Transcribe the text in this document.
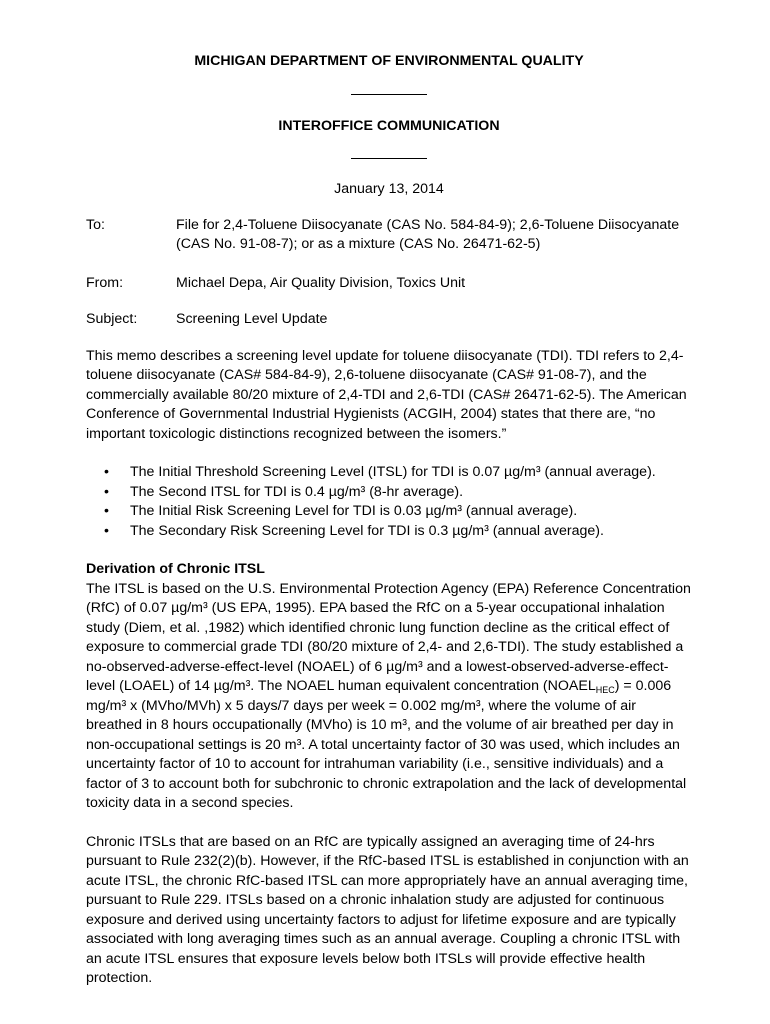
MICHIGAN DEPARTMENT OF ENVIRONMENTAL QUALITY
INTEROFFICE COMMUNICATION
January 13, 2014
To:	File for 2,4-Toluene Diisocyanate (CAS No. 584-84-9); 2,6-Toluene Diisocyanate (CAS No. 91-08-7); or as a mixture (CAS No. 26471-62-5)
From:	Michael Depa, Air Quality Division, Toxics Unit
Subject:	Screening Level Update

This memo describes a screening level update for toluene diisocyanate (TDI). TDI refers to 2,4-toluene diisocyanate (CAS# 584-84-9), 2,6-toluene diisocyanate (CAS# 91-08-7), and the commercially available 80/20 mixture of 2,4-TDI and 2,6-TDI (CAS# 26471-62-5). The American Conference of Governmental Industrial Hygienists (ACGIH, 2004) states that there are, “no important toxicologic distinctions recognized between the isomers.”

• The Initial Threshold Screening Level (ITSL) for TDI is 0.07 µg/m³ (annual average).
• The Second ITSL for TDI is 0.4 µg/m³ (8-hr average).
• The Initial Risk Screening Level for TDI is 0.03 µg/m³ (annual average).
• The Secondary Risk Screening Level for TDI is 0.3 µg/m³ (annual average).
Derivation of Chronic ITSL

The ITSL is based on the U.S. Environmental Protection Agency (EPA) Reference Concentration (RfC) of 0.07 µg/m³ (US EPA, 1995). EPA based the RfC on a 5-year occupational inhalation study (Diem, et al. ,1982) which identified chronic lung function decline as the critical effect of exposure to commercial grade TDI (80/20 mixture of 2,4- and 2,6-TDI). The study established a no-observed-adverse-effect-level (NOAEL) of 6 µg/m³ and a lowest-observed-adverse-effect-level (LOAEL) of 14 µg/m³. The NOAEL human equivalent concentration $(NOAEL_{HEC}) = 0.006$ mg/m³ x (MVho/MVh) x 5 days/7 days per week = 0.002 mg/m³, where the volume of air breathed in 8 hours occupationally (MVho) is 10 m³, and the volume of air breathed per day in non-occupational settings is 20 m³. A total uncertainty factor of 30 was used, which includes an uncertainty factor of 10 to account for intrahuman variability (i.e., sensitive individuals) and a factor of 3 to account both for subchronic to chronic extrapolation and the lack of developmental toxicity data in a second species.

Chronic ITSLs that are based on an RfC are typically assigned an averaging time of 24-hrs pursuant to Rule 232(2)(b). However, if the RfC-based ITSL is established in conjunction with an acute ITSL, the chronic RfC-based ITSL can more appropriately have an annual averaging time, pursuant to Rule 229. ITSLs based on a chronic inhalation study are adjusted for continuous exposure and derived using uncertainty factors to adjust for lifetime exposure and are typically associated with long averaging times such as an annual average. Coupling a chronic ITSL with an acute ITSL ensures that exposure levels below both ITSLs will provide effective health protection.
